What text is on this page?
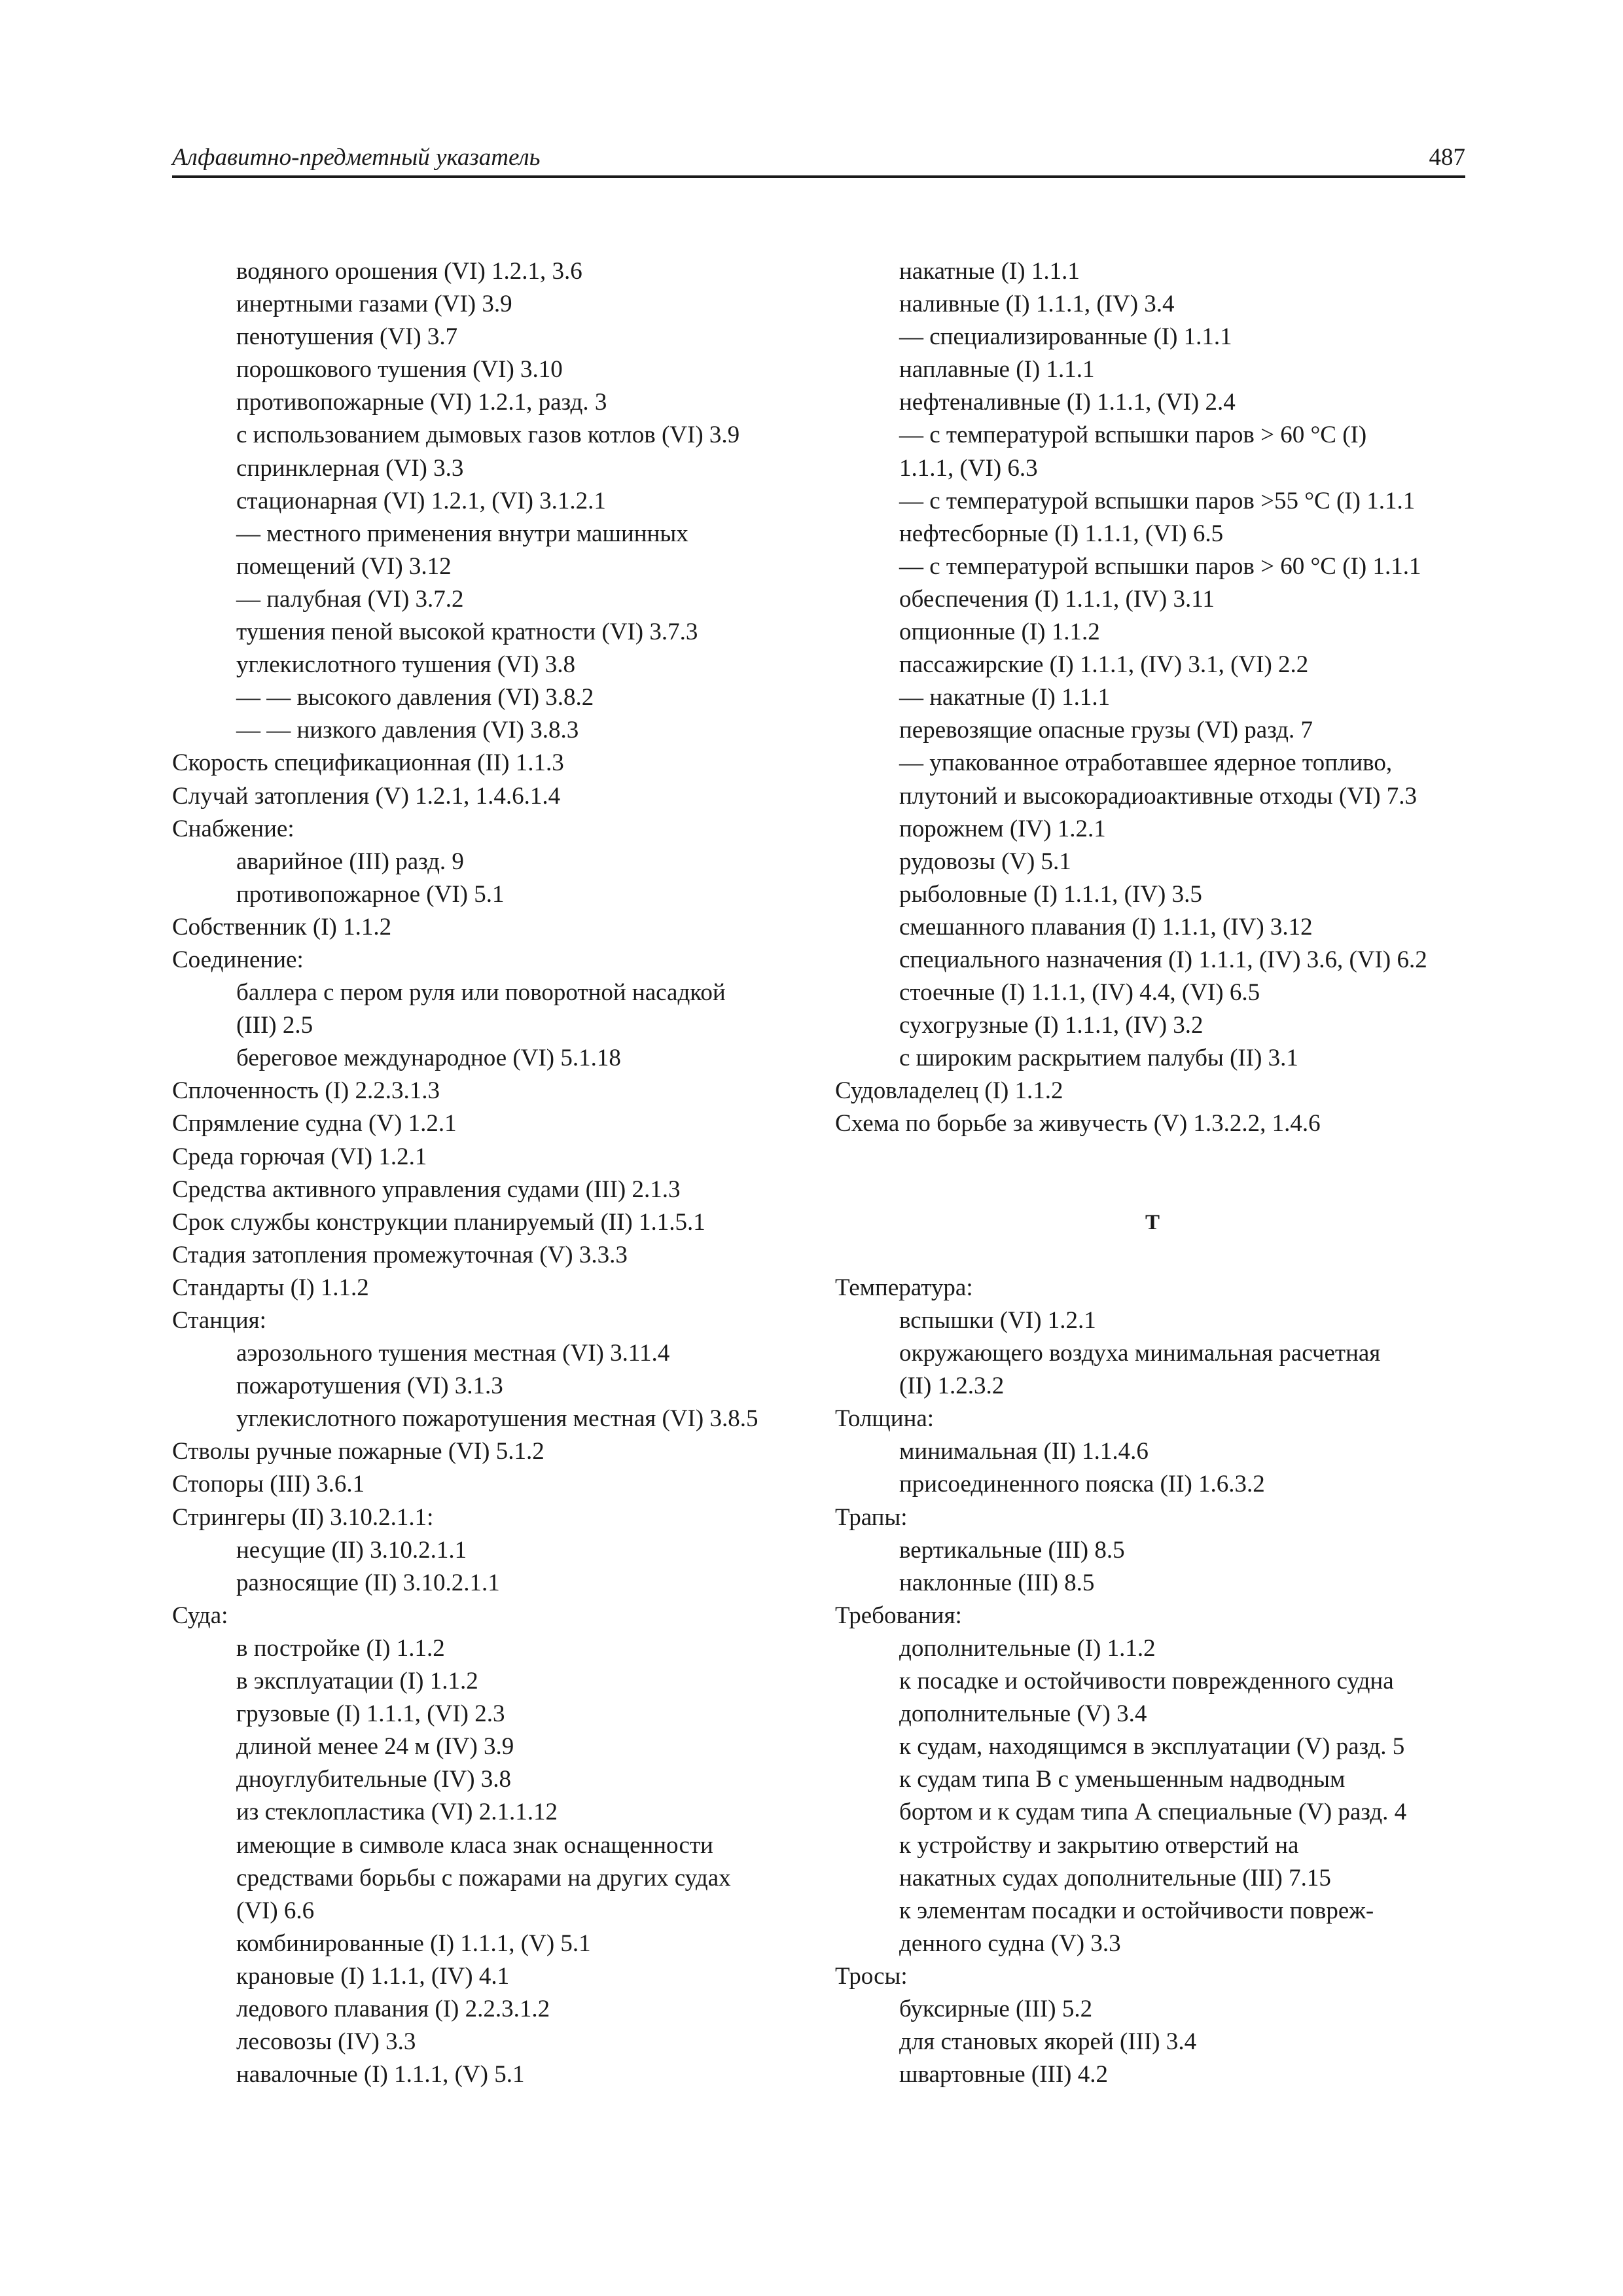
Алфавитно-предметный указатель	487
водяного орошения (VI) 1.2.1, 3.6
инертными газами (VI) 3.9
пенотушения (VI) 3.7
порошкового тушения (VI) 3.10
противопожарные (VI) 1.2.1, разд. 3
с использованием дымовых газов котлов (VI) 3.9
спринклерная (VI) 3.3
стационарная (VI) 1.2.1, (VI) 3.1.2.1
— местного применения внутри машинных
помещений (VI) 3.12
— палубная (VI) 3.7.2
тушения пеной высокой кратности (VI) 3.7.3
углекислотного тушения (VI) 3.8
— — высокого давления (VI) 3.8.2
— — низкого давления (VI) 3.8.3
Скорость спецификационная (II) 1.1.3
Случай затопления (V) 1.2.1, 1.4.6.1.4
Снабжение:
аварийное (III) разд. 9
противопожарное (VI) 5.1
Собственник (I) 1.1.2
Соединение:
баллера с пером руля или поворотной насадкой
(III) 2.5
береговое международное (VI) 5.1.18
Сплоченность (I) 2.2.3.1.3
Спрямление судна (V) 1.2.1
Среда горючая (VI) 1.2.1
Средства активного управления судами (III) 2.1.3
Срок службы конструкции планируемый (II) 1.1.5.1
Стадия затопления промежуточная (V) 3.3.3
Стандарты (I) 1.1.2
Станция:
аэрозольного тушения местная (VI) 3.11.4
пожаротушения (VI) 3.1.3
углекислотного пожаротушения местная (VI) 3.8.5
Стволы ручные пожарные (VI) 5.1.2
Стопоры (III) 3.6.1
Стрингеры (II) 3.10.2.1.1:
несущие (II) 3.10.2.1.1
разносящие (II) 3.10.2.1.1
Суда:
в постройке (I) 1.1.2
в эксплуатации (I) 1.1.2
грузовые (I) 1.1.1, (VI) 2.3
длиной менее 24 м (IV) 3.9
дноуглубительные (IV) 3.8
из стеклопластика (VI) 2.1.1.12
имеющие в символе класа знак оснащенности
средствами борьбы с пожарами на других судах
(VI) 6.6
комбинированные (I) 1.1.1, (V) 5.1
крановые (I) 1.1.1, (IV) 4.1
ледового плавания (I) 2.2.3.1.2
лесовозы (IV) 3.3
навалочные (I) 1.1.1, (V) 5.1
накатные (I) 1.1.1
наливные (I) 1.1.1, (IV) 3.4
— специализированные (I) 1.1.1
наплавные (I) 1.1.1
нефтеналивные (I) 1.1.1, (VI) 2.4
— с температурой вспышки паров > 60 °С (I)
1.1.1, (VI) 6.3
— с температурой вспышки паров >55 °С (I) 1.1.1
нефтесборные (I) 1.1.1, (VI) 6.5
— с температурой вспышки паров > 60 °С (I) 1.1.1
обеспечения (I) 1.1.1, (IV) 3.11
опционные (I) 1.1.2
пассажирские (I) 1.1.1, (IV) 3.1, (VI) 2.2
— накатные (I) 1.1.1
перевозящие опасные грузы (VI) разд. 7
— упакованное отработавшее ядерное топливо,
плутоний и высокорадиоактивные отходы (VI) 7.3
порожнем (IV) 1.2.1
рудовозы (V) 5.1
рыболовные (I) 1.1.1, (IV) 3.5
смешанного плавания (I) 1.1.1, (IV) 3.12
специального назначения (I) 1.1.1, (IV) 3.6, (VI) 6.2
стоечные (I) 1.1.1, (IV) 4.4, (VI) 6.5
сухогрузные (I) 1.1.1, (IV) 3.2
с широким раскрытием палубы (II) 3.1
Судовладелец (I) 1.1.2
Схема по борьбе за живучесть (V) 1.3.2.2, 1.4.6
Т
Температура:
вспышки (VI) 1.2.1
окружающего воздуха минимальная расчетная
(II) 1.2.3.2
Толщина:
минимальная (II) 1.1.4.6
присоединенного пояска (II) 1.6.3.2
Трапы:
вертикальные (III) 8.5
наклонные (III) 8.5
Требования:
дополнительные (I) 1.1.2
к посадке и остойчивости поврежденного судна
дополнительные (V) 3.4
к судам, находящимся в эксплуатации (V) разд. 5
к судам типа В с уменьшенным надводным
бортом и к судам типа А специальные (V) разд. 4
к устройству и закрытию отверстий на
накатных судах дополнительные (III) 7.15
к элементам посадки и остойчивости повреж-
денного судна (V) 3.3
Тросы:
буксирные (III) 5.2
для становых якорей (III) 3.4
швартовные (III) 4.2
